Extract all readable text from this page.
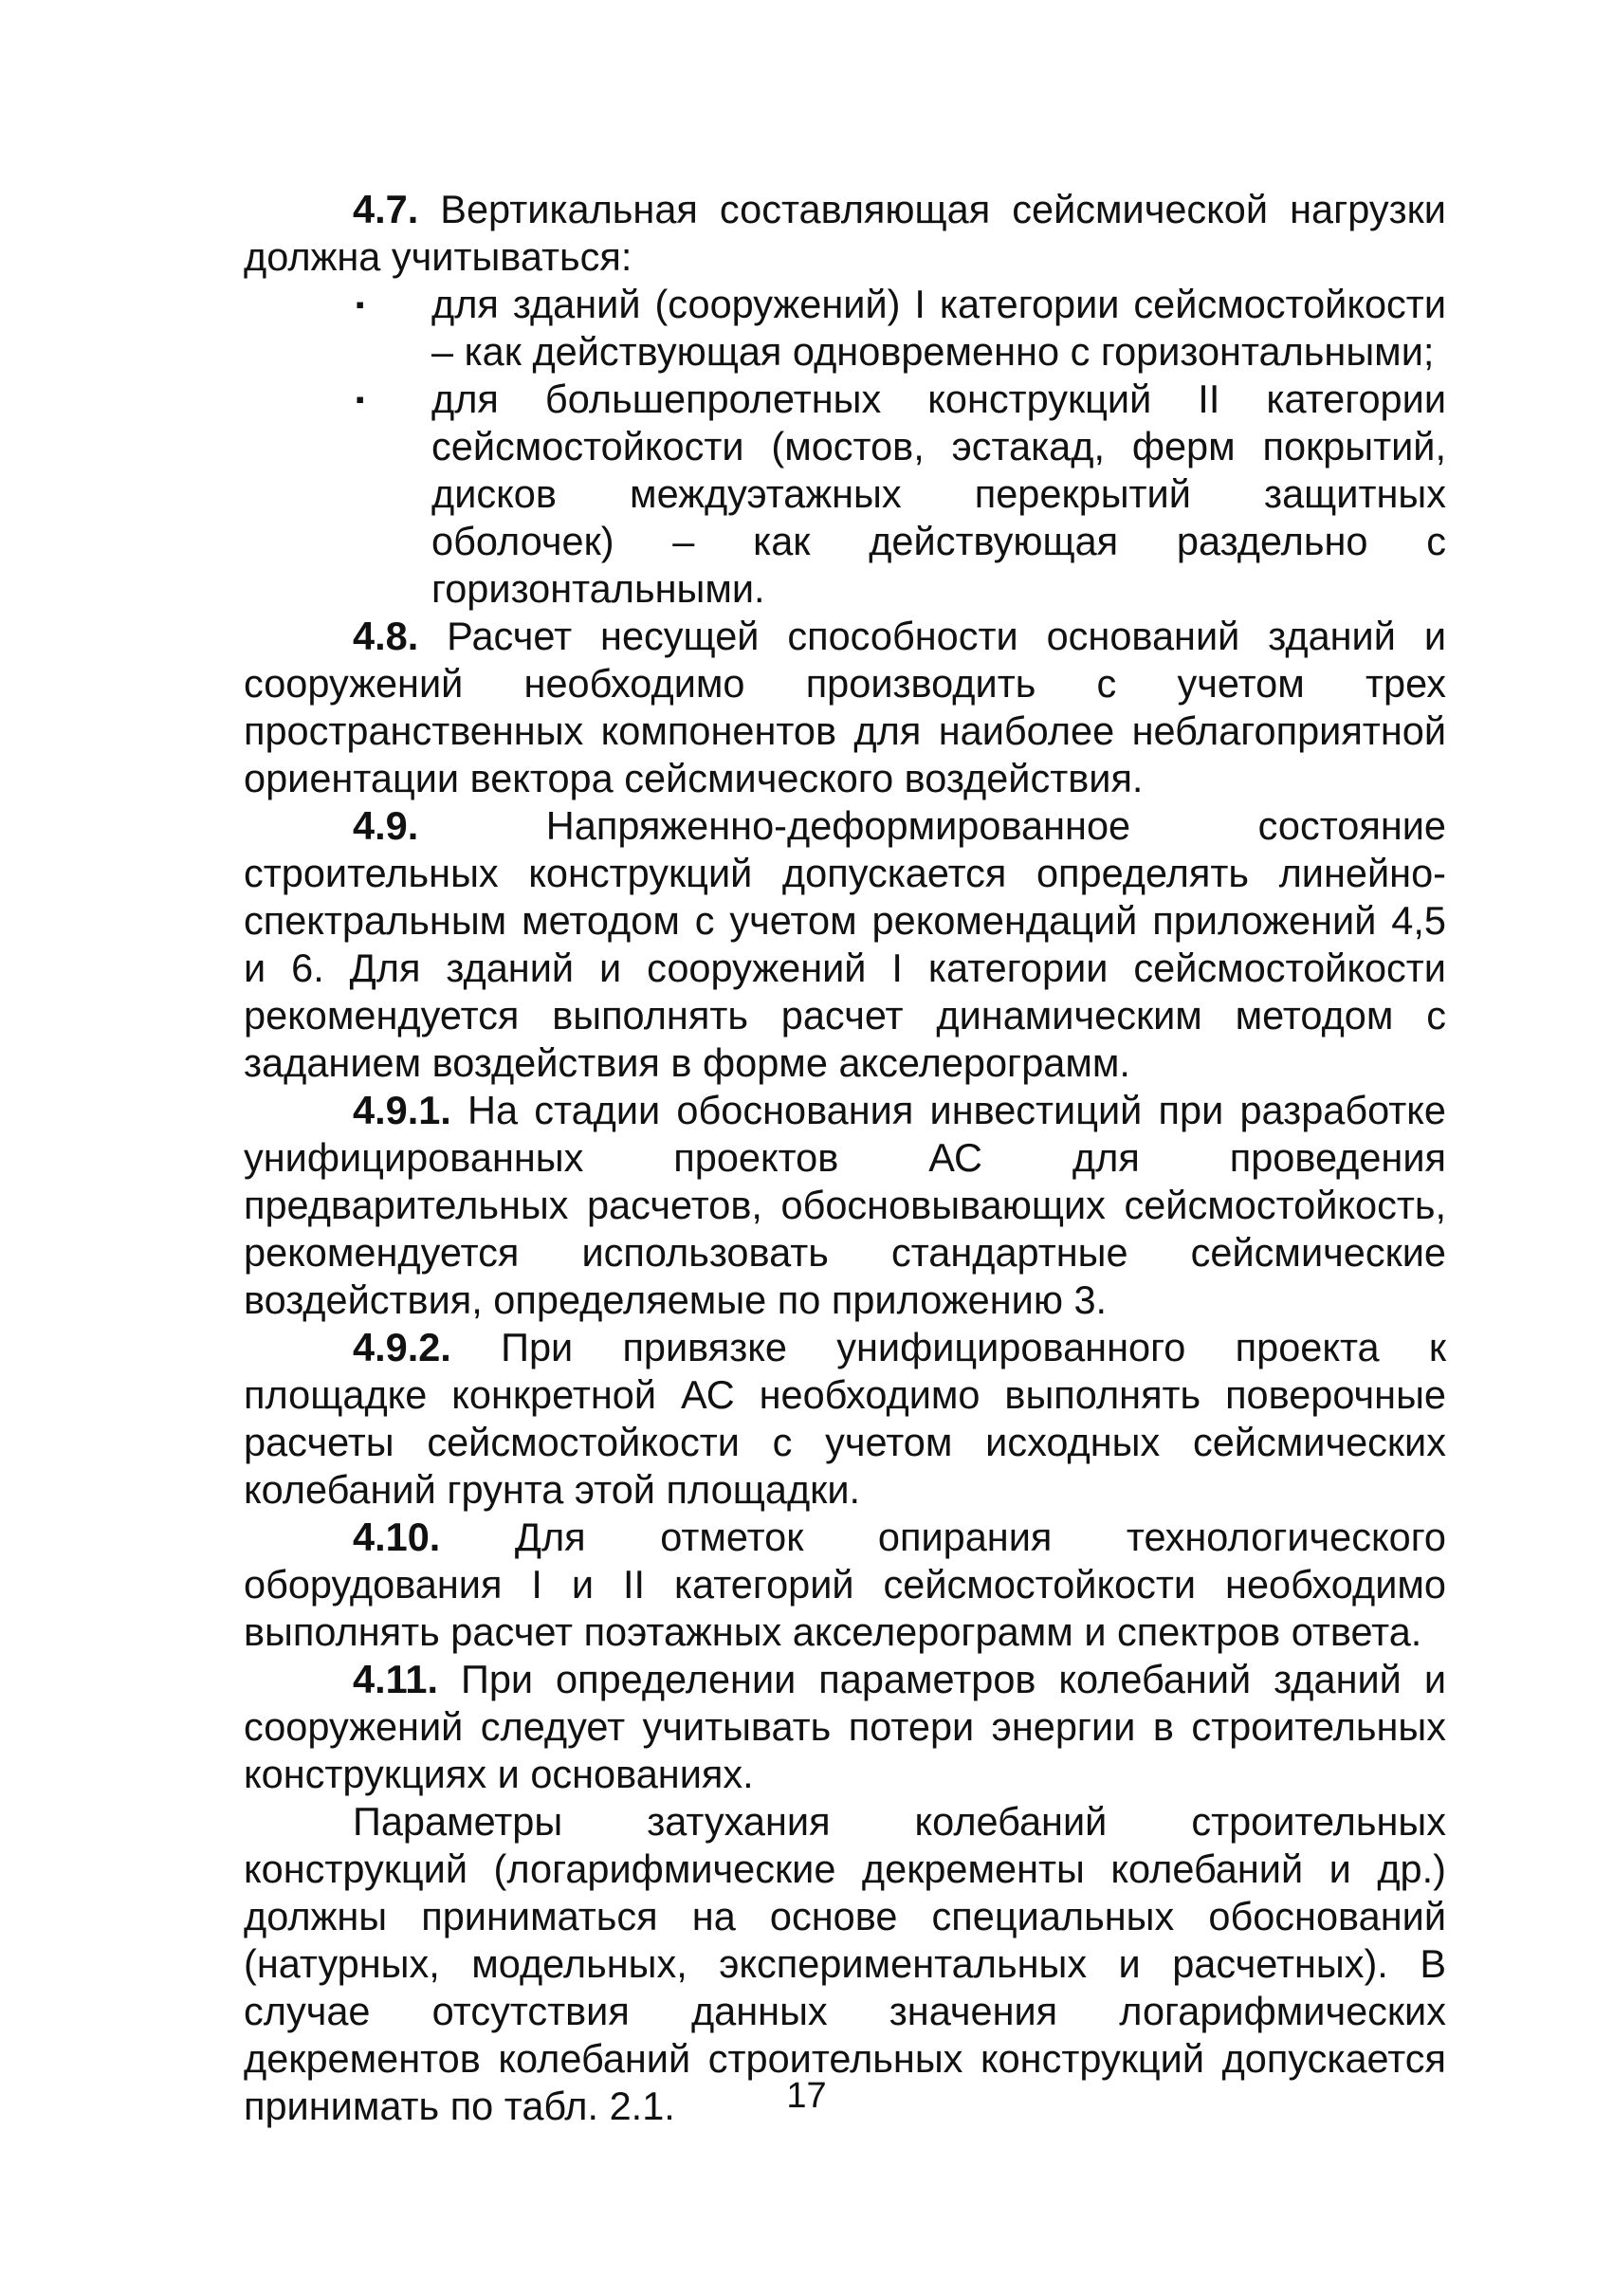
4.7. Вертикальная составляющая сейсмической нагрузки должна учитываться:

▪ для зданий (сооружений) I категории сейсмостойкости – как действующая одновременно с горизонтальными;
▪ для большепролетных конструкций II категории сейсмостойкости (мостов, эстакад, ферм покрытий, дисков междуэтажных перекрытий защитных оболочек) – как действующая раздельно с горизонтальными.

4.8. Расчет несущей способности оснований зданий и сооружений необходимо производить с учетом трех пространственных компонентов для наиболее неблагоприятной ориентации вектора сейсмического воздействия.

4.9.	Напряженно-деформированное состояние строительных конструкций допускается определять линейно-спектральным методом с учетом рекомендаций приложений 4,5 и 6. Для зданий и сооружений I категории сейсмостойкости рекомендуется выполнять расчет динамическим методом с заданием воздействия в форме акселерограмм.

4.9.1. На стадии обоснования инвестиций при разработке унифицированных проектов АС для проведения предварительных расчетов, обосновывающих сейсмостойкость, рекомендуется использовать стандартные сейсмические воздействия, определяемые по приложению 3.

4.9.2. При привязке унифицированного проекта к площадке конкретной АС необходимо выполнять поверочные расчеты сейсмостойкости с учетом исходных сейсмических колебаний грунта этой площадки.

4.10. Для отметок опирания технологического оборудования I и II категорий сейсмостойкости необходимо выполнять расчет поэтажных акселерограмм и спектров ответа.

4.11. При определении параметров колебаний зданий и сооружений следует учитывать потери энергии в строительных конструкциях и основаниях.

Параметры затухания колебаний строительных конструкций (логарифмические декременты колебаний и др.) должны приниматься на основе специальных обоснований (натурных, модельных, экспериментальных и расчетных). В случае отсутствия данных значения логарифмических декрементов колебаний строительных конструкций допускается принимать по табл. 2.1.	17
